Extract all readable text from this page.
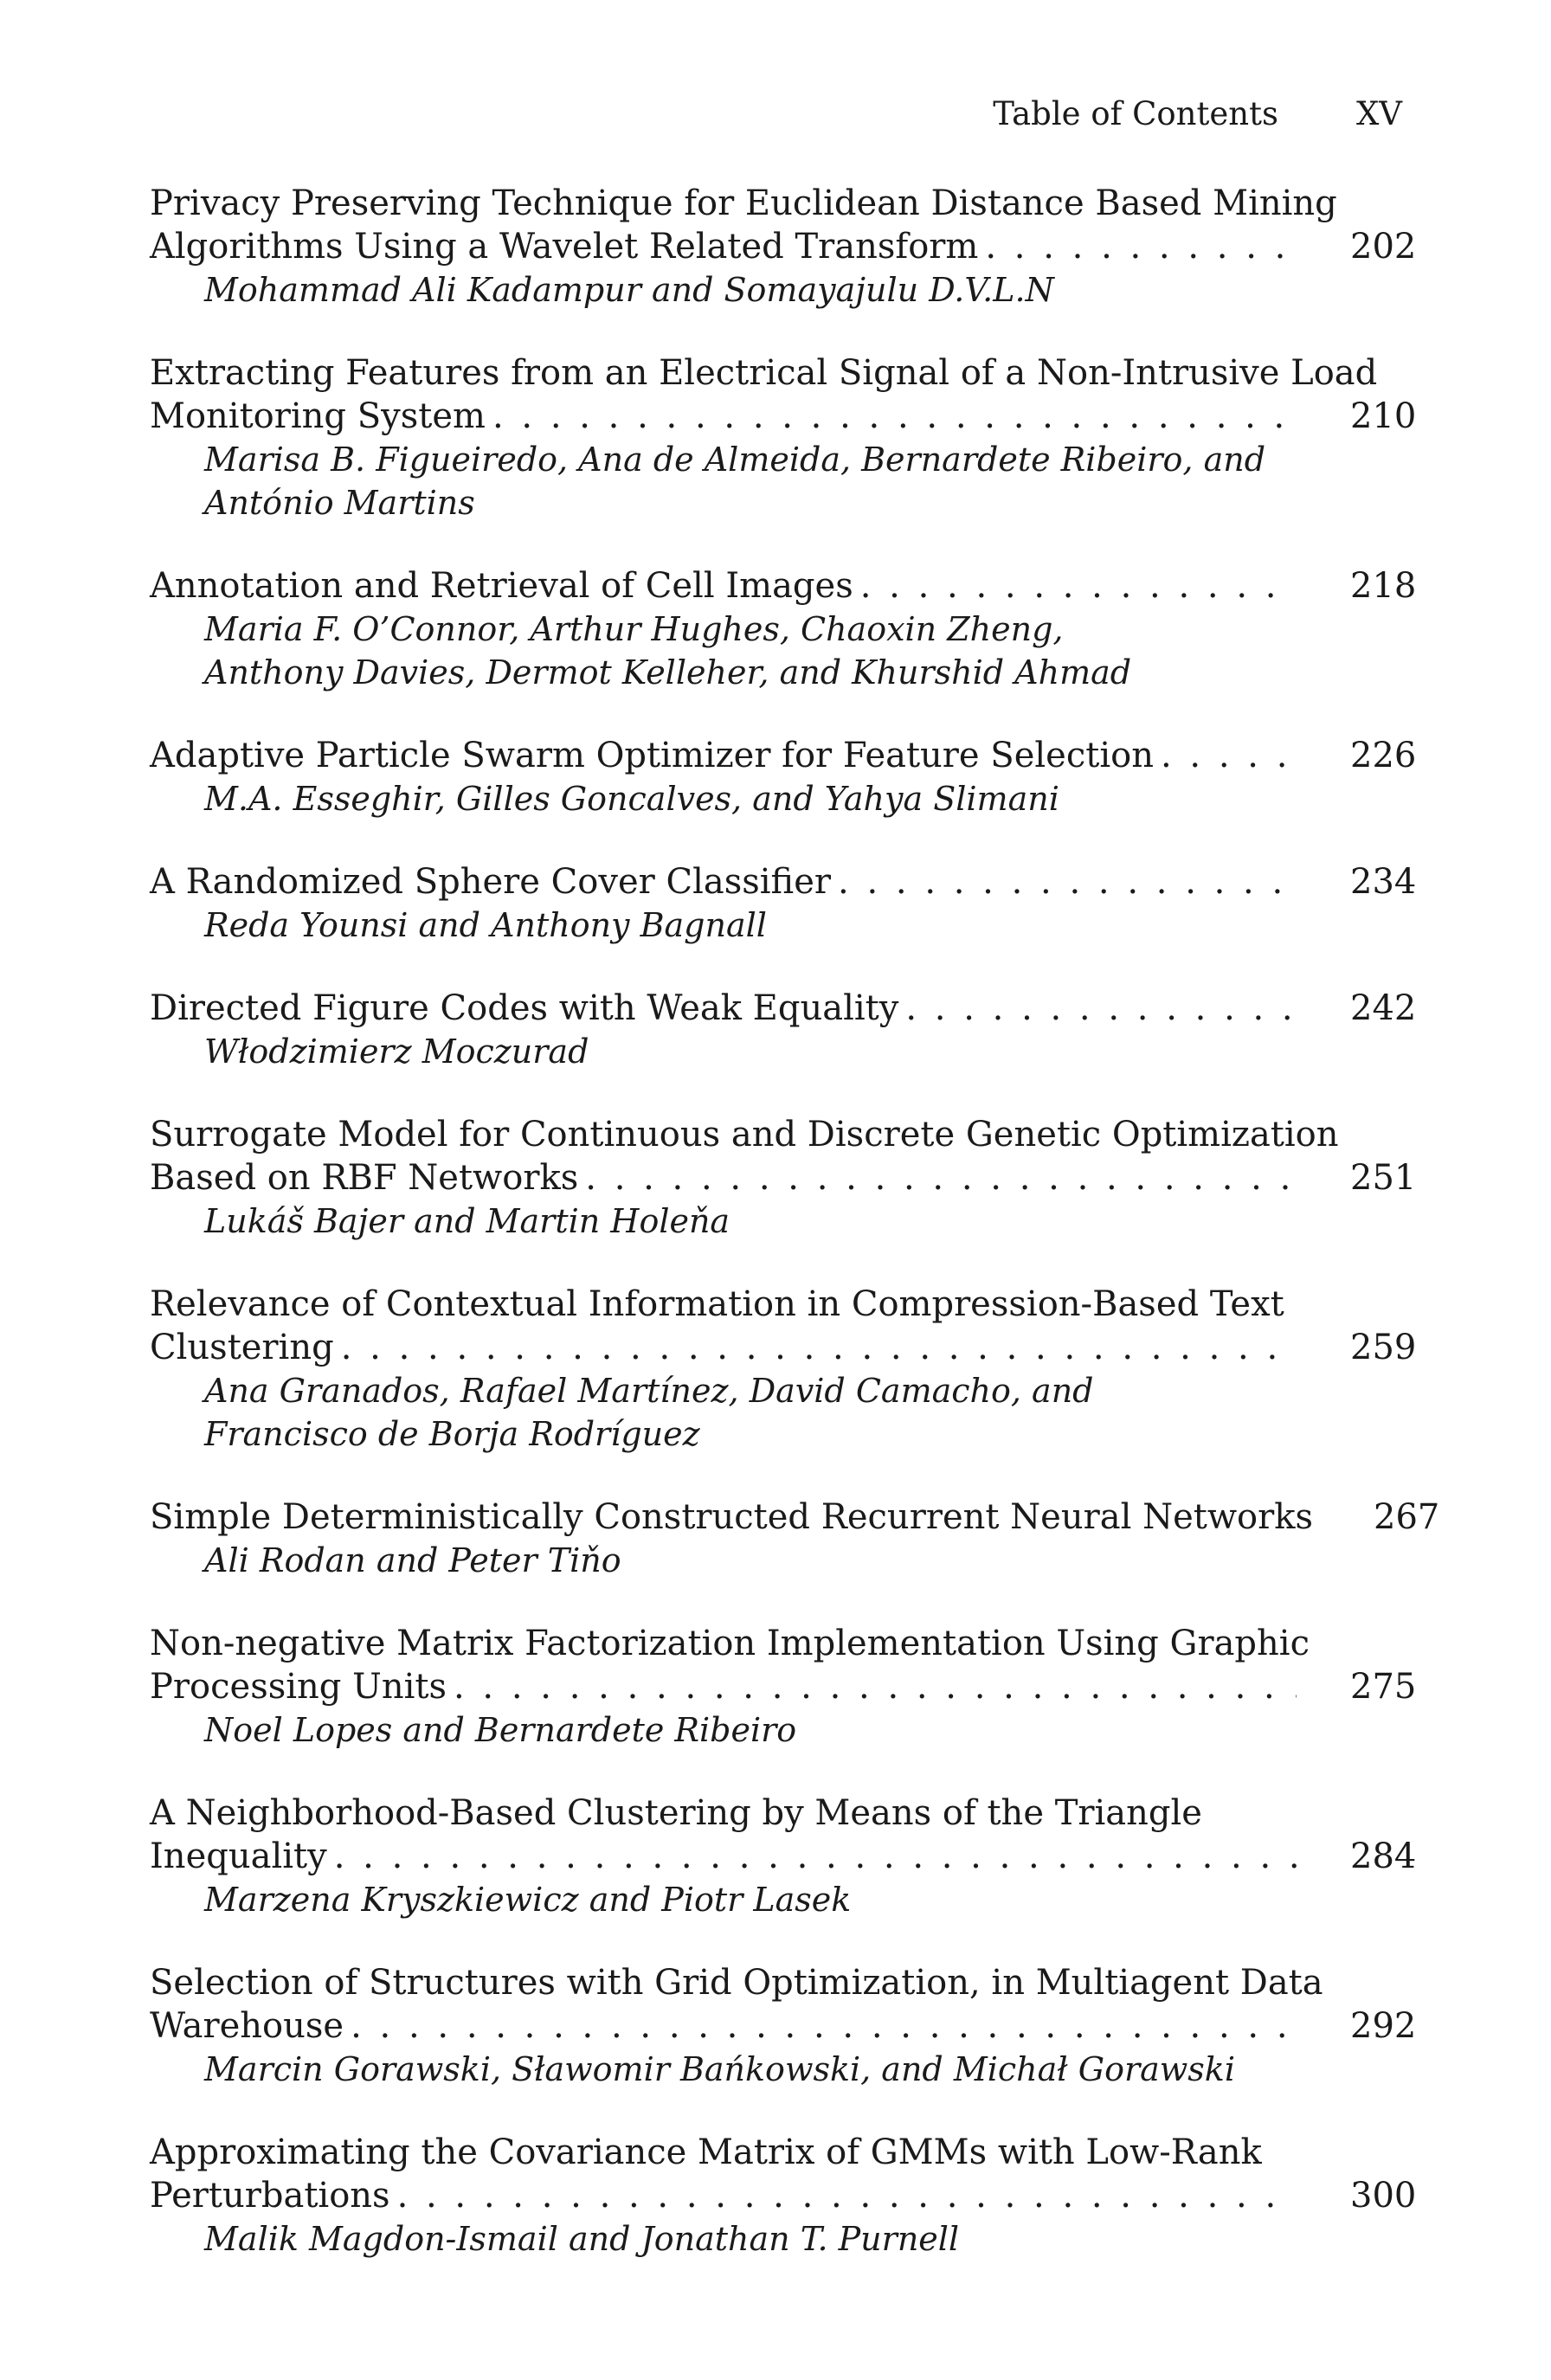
Table of Contents XV
Privacy Preserving Technique for Euclidean Distance Based Mining
Algorithms Using a Wavelet Related Transform . . .	202
Mohammad Ali Kadampur and Somayajulu D.V.L.N
Extracting Features from an Electrical Signal of a Non-Intrusive Load
Monitoring System . . .	210
Marisa B. Figueiredo, Ana de Almeida, Bernardete Ribeiro, and
António Martins
Annotation and Retrieval of Cell Images . . .	218
Maria F. O’Connor, Arthur Hughes, Chaoxin Zheng,
Anthony Davies, Dermot Kelleher, and Khurshid Ahmad
Adaptive Particle Swarm Optimizer for Feature Selection . . .	226
M.A. Esseghir, Gilles Goncalves, and Yahya Slimani
A Randomized Sphere Cover Classifier . . .	234
Reda Younsi and Anthony Bagnall
Directed Figure Codes with Weak Equality . . .	242
Włodzimierz Moczurad
Surrogate Model for Continuous and Discrete Genetic Optimization
Based on RBF Networks . . .	251
Lukáš Bajer and Martin Holeňa
Relevance of Contextual Information in Compression-Based Text
Clustering . . .	259
Ana Granados, Rafael Martínez, David Camacho, and
Francisco de Borja Rodríguez
Simple Deterministically Constructed Recurrent Neural Networks 267
Ali Rodan and Peter Tiňo
Non-negative Matrix Factorization Implementation Using Graphic
Processing Units . . .	275
Noel Lopes and Bernardete Ribeiro
A Neighborhood-Based Clustering by Means of the Triangle
Inequality . . .	284
Marzena Kryszkiewicz and Piotr Lasek
Selection of Structures with Grid Optimization, in Multiagent Data
Warehouse . . .	292
Marcin Gorawski, Sławomir Bańkowski, and Michał Gorawski
Approximating the Covariance Matrix of GMMs with Low-Rank
Perturbations . . .	300
Malik Magdon-Ismail and Jonathan T. Purnell
